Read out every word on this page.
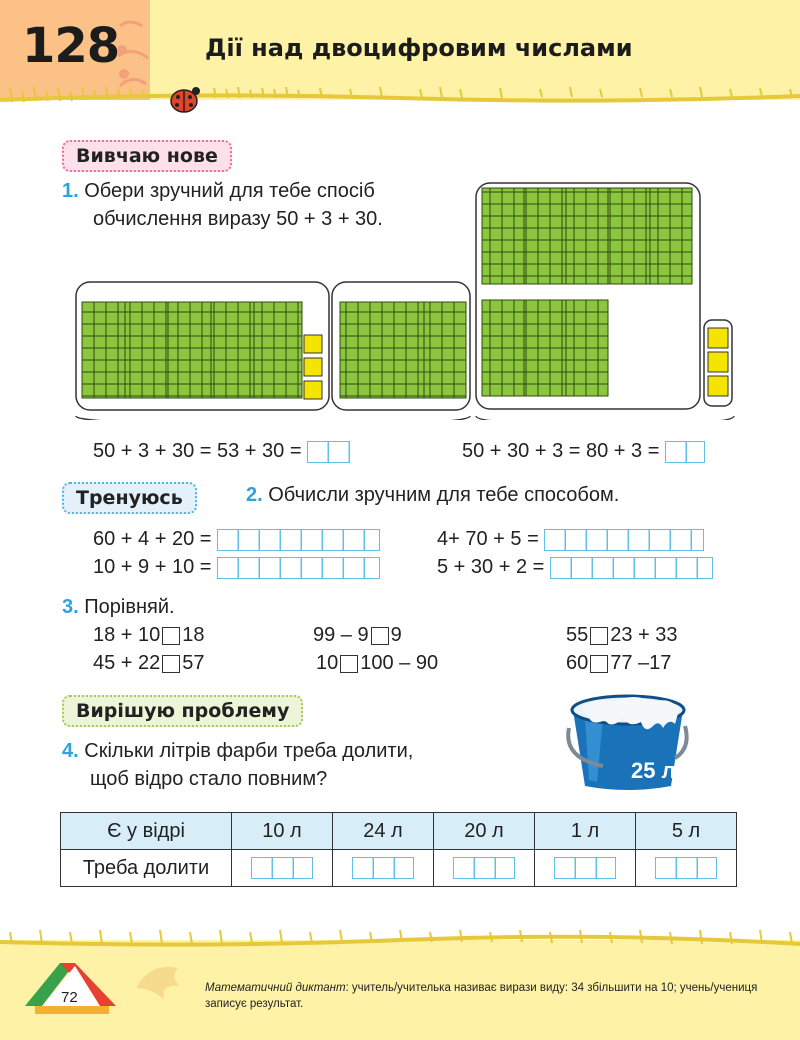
128	Дії над двоцифровим числами
Вивчаю нове
1. Обери зручний для тебе спосіб
обчислення виразу 50 + 3 + 30.
50 + 3 + 30 = 53 + 30 =	50 + 30 + 3 = 80 + 3 =
Тренуюсь	2. Обчисли зручним для тебе способом.
60 + 4 + 20 =	4+ 70 + 5 =
10 + 9 + 10 =	5 + 30 + 2 =
3. Порівняй.
18 + 10 18	99 – 9 9	55 23 + 33
45 + 22 57	10 100 – 90	60 77 –17
Вирішую проблему
4. Скільки літрів фарби треба долити,
щоб відро стало повним?	25 л
Є у відрі	10 л	24 л	20 л	1 л	5 л
Треба долити					
72
Математичний диктант: учитель/учителька називає вирази виду: 34 збільшити на 10; учень/учениця записує результат.
